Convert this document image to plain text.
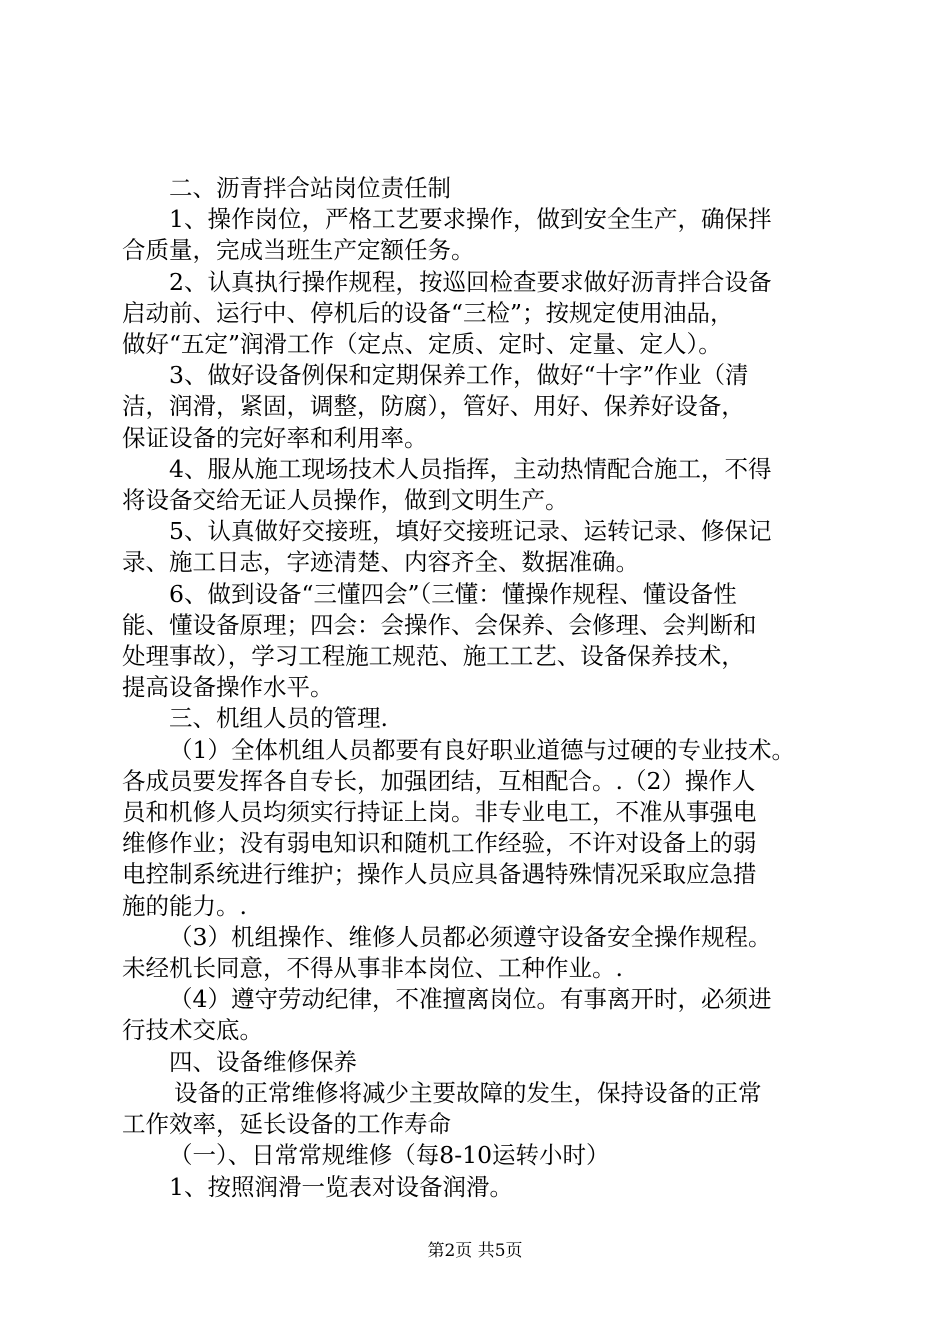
二、沥青拌合站岗位责任制
1、操作岗位，严格工艺要求操作，做到安全生产，确保拌
合质量，完成当班生产定额任务。
2、认真执行操作规程，按巡回检查要求做好沥青拌合设备
启动前、运行中、停机后的设备“三检”；按规定使用油品，
做好“五定”润滑工作（定点、定质、定时、定量、定人）。
3、做好设备例保和定期保养工作，做好“十字”作业（清
洁，润滑，紧固，调整，防腐），管好、用好、保养好设备，
保证设备的完好率和利用率。
4、服从施工现场技术人员指挥，主动热情配合施工，不得
将设备交给无证人员操作，做到文明生产。
5、认真做好交接班，填好交接班记录、运转记录、修保记
录、施工日志，字迹清楚、内容齐全、数据准确。
6、做到设备“三懂四会”（三懂：懂操作规程、懂设备性
能、懂设备原理；四会：会操作、会保养、会修理、会判断和
处理事故），学习工程施工规范、施工工艺、设备保养技术，
提高设备操作水平。
三、机组人员的管理.
（1）全体机组人员都要有良好职业道德与过硬的专业技术。
各成员要发挥各自专长，加强团结，互相配合。.（2）操作人
员和机修人员均须实行持证上岗。非专业电工，不准从事强电
维修作业；没有弱电知识和随机工作经验，不许对设备上的弱
电控制系统进行维护；操作人员应具备遇特殊情况采取应急措
施的能力。.
（3）机组操作、维修人员都必须遵守设备安全操作规程。
未经机长同意，不得从事非本岗位、工种作业。.
（4）遵守劳动纪律，不准擅离岗位。有事离开时，必须进
行技术交底。
四、设备维修保养
设备的正常维修将减少主要故障的发生，保持设备的正常
工作效率，延长设备的工作寿命
（一）、日常常规维修（每8-10运转小时）
1、按照润滑一览表对设备润滑。
第2页 共5页
